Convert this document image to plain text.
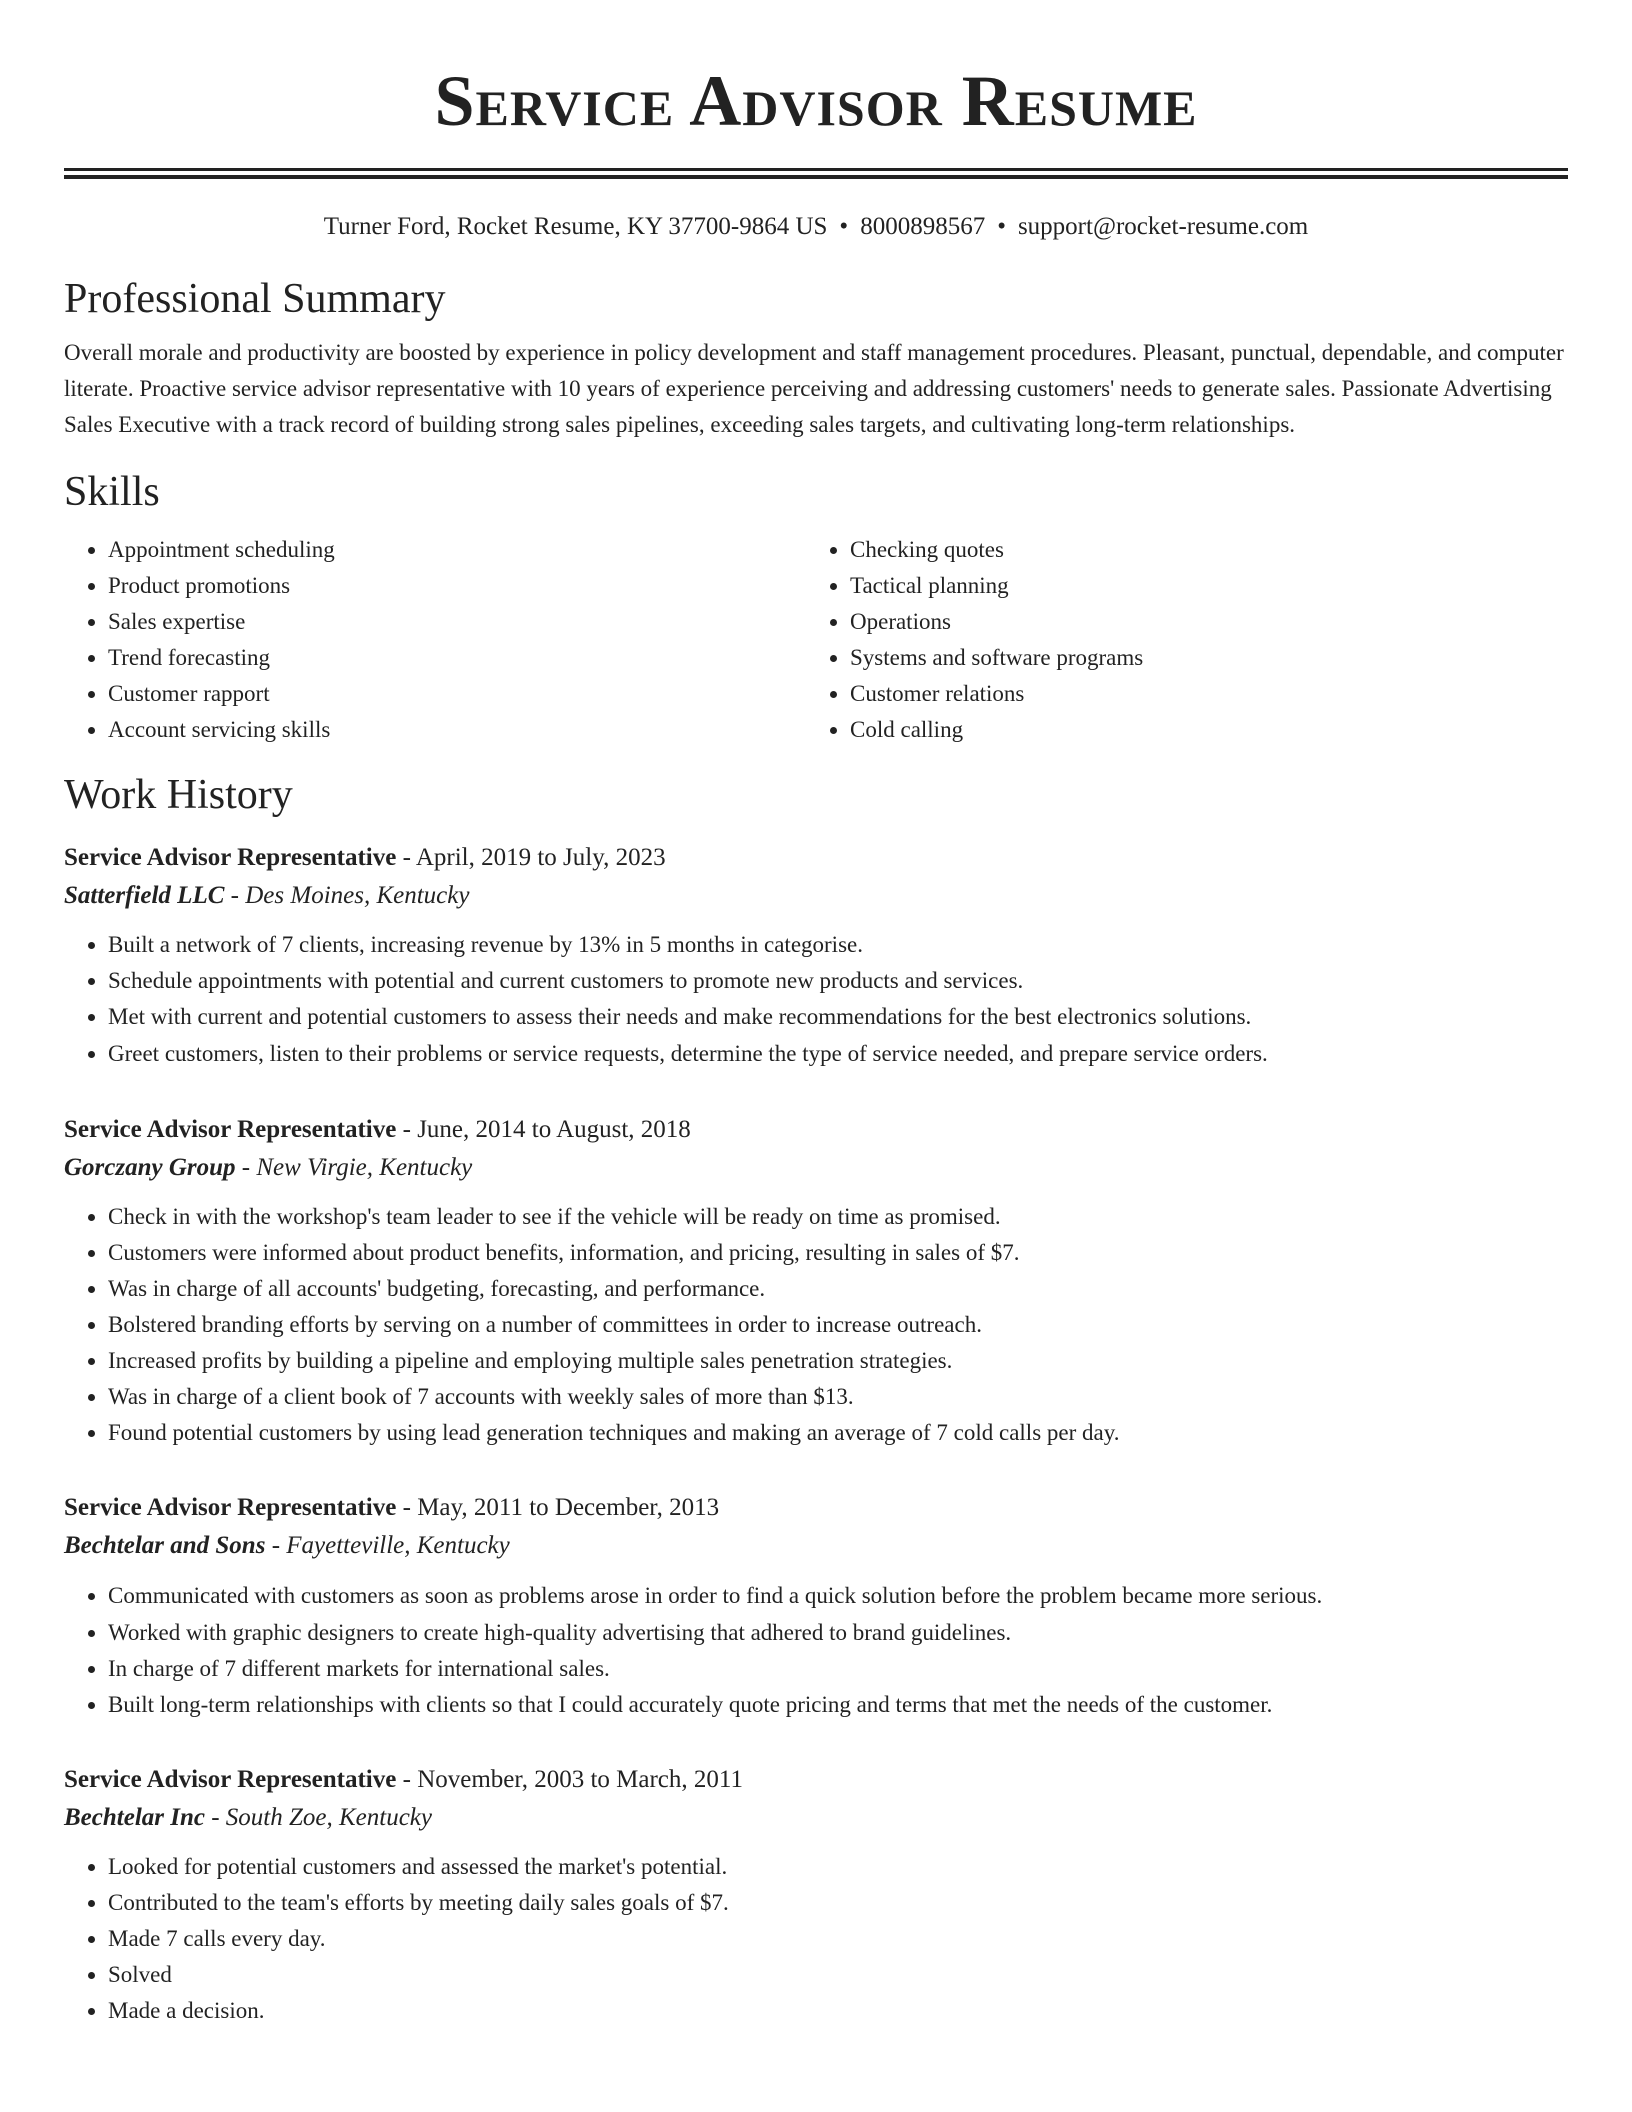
Service Advisor Resume
Turner Ford, Rocket Resume, KY 37700-9864 US • 8000898567 • support@rocket-resume.com
Professional Summary

Overall morale and productivity are boosted by experience in policy development and staff management procedures. Pleasant, punctual, dependable, and computer literate. Proactive service advisor representative with 10 years of experience perceiving and addressing customers' needs to generate sales. Passionate Advertising Sales Executive with a track record of building strong sales pipelines, exceeding sales targets, and cultivating long-term relationships.

Skills
• Appointment scheduling
• Product promotions
• Sales expertise
• Trend forecasting
• Customer rapport
• Account servicing skills
• Checking quotes
• Tactical planning
• Operations
• Systems and software programs
• Customer relations
• Cold calling
Work History
Service Advisor Representative - April, 2019 to July, 2023
Satterfield LLC - Des Moines, Kentucky
• Built a network of 7 clients, increasing revenue by 13% in 5 months in categorise.
• Schedule appointments with potential and current customers to promote new products and services.
• Met with current and potential customers to assess their needs and make recommendations for the best electronics solutions.
• Greet customers, listen to their problems or service requests, determine the type of service needed, and prepare service orders.
Service Advisor Representative - June, 2014 to August, 2018
Gorczany Group - New Virgie, Kentucky
• Check in with the workshop's team leader to see if the vehicle will be ready on time as promised.
• Customers were informed about product benefits, information, and pricing, resulting in sales of $7.
• Was in charge of all accounts' budgeting, forecasting, and performance.
• Bolstered branding efforts by serving on a number of committees in order to increase outreach.
• Increased profits by building a pipeline and employing multiple sales penetration strategies.
• Was in charge of a client book of 7 accounts with weekly sales of more than $13.
• Found potential customers by using lead generation techniques and making an average of 7 cold calls per day.
Service Advisor Representative - May, 2011 to December, 2013
Bechtelar and Sons - Fayetteville, Kentucky
• Communicated with customers as soon as problems arose in order to find a quick solution before the problem became more serious.
• Worked with graphic designers to create high-quality advertising that adhered to brand guidelines.
• In charge of 7 different markets for international sales.
• Built long-term relationships with clients so that I could accurately quote pricing and terms that met the needs of the customer.
Service Advisor Representative - November, 2003 to March, 2011
Bechtelar Inc - South Zoe, Kentucky
• Looked for potential customers and assessed the market's potential.
• Contributed to the team's efforts by meeting daily sales goals of $7.
• Made 7 calls every day.
• Solved
• Made a decision.
